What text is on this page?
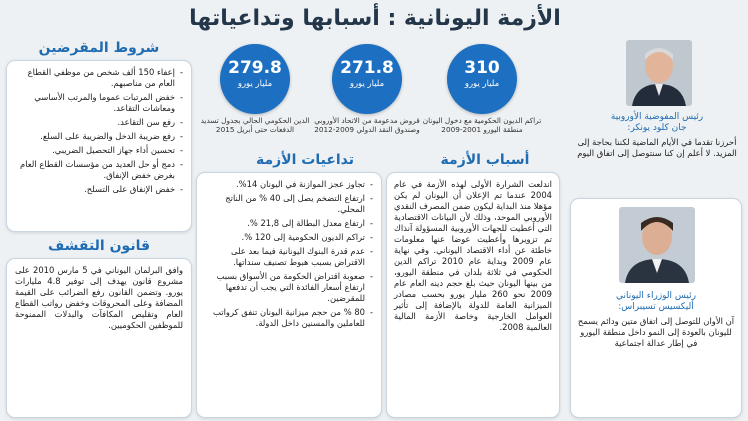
الأزمة اليونانية : أسبابها وتداعياتها
رئيس المفوضية الأوروبية
جان كلود يونكر:
أحرزنا تقدما في الأيام الماضية لكننا بحاجة إلى المزيد. لا أعلم إن كنا سنتوصل إلى اتفاق اليوم
رئيس الوزراء اليوناني
أليكسيس تسيبراس:
آن الأوان للتوصل إلى اتفاق متين ودائم يسمح لليونان بالعودة إلى النمو داخل منطقة اليورو في إطار عدالة اجتماعية
310
مليار يورو
تراكم الديون الحكومية مع دخول اليونان منطقة اليورو 2001-2009
271.8
مليار يورو
قروض مدعومة من الاتحاد الأوروبي وصندوق النقد الدولي 2009-2012
279.8
مليار يورو
الدين الحكومي الحالي بجدول تسديد الدفعات حتى أبريل 2015
أسباب الأزمة
اندلعت الشرارة الأولى لهذه الأزمة في عام 2004 عندما تم الإعلان أن اليونان لم يكن مؤهلا منذ البداية ليكون ضمن المصرف النقدي الأوروبي الموحد، وذلك لأن البيانات الاقتصادية التي أعطيت للجهات الأوروبية المسؤولة آنذاك تم تزويرها وأعطيت عوضا عنها معلومات خاطئة عن أداء الاقتصاد اليوناني. وفي نهاية عام 2009 وبداية عام 2010 تراكم الدين الحكومي في ثلاثة بلدان في منطقة اليورو، من بينها اليونان حيث بلغ حجم دينه العام عام 2009 نحو 260 مليار يورو بحسب مصادر الميزانية العامة للدولة بالإضافة إلى تأثير العوامل الخارجية وخاصة الأزمة المالية العالمية 2008.
تداعيات الأزمة
- تجاوز عجز الموازنة في اليونان 14%.
- ارتفاع التضخم يصل إلى 40 % من الناتج المحلي.
- ارتفاع معدل البطالة إلى 21,8 %.
- تراكم الديون الحكومية إلى 120 %.
- عدم قدرة البنوك اليونانية فيما بعد على الاقتراض بسبب هبوط تصنيف سنداتها.
- صعوبة اقتراض الحكومة من الأسواق بسبب ارتفاع أسعار الفائدة التي يجب أن تدفعها للمقرضين.
- 80 % من حجم ميزانية اليونان تنفق كرواتب للعاملين والمسنين داخل الدولة.
شروط المقرضين
- إعفاء 150 ألف شخص من موظفي القطاع العام من مناصبهم.
- خفض المرتبات عموما والمرتب الأساسي ومعاشات التقاعد.
- رفع سن التقاعد.
- رفع ضريبة الدخل والضريبة على السلع.
- تحسين أداء جهاز التحصيل الضريبي.
- دمج أو حل العديد من مؤسسات القطاع العام بغرض خفض الإنفاق.
- خفض الإنفاق على التسلح.
قانون التقشف
وافق البرلمان اليوناني في 5 مارس 2010 على مشروع قانون يهدف إلى توفير 4.8 مليارات يورو. وتضمن القانون رفع الضرائب على القيمة المضافة وعلى المحروقات وخفض رواتب القطاع العام وتقليص المكافآت والبدلات الممنوحة للموظفين الحكوميين.
